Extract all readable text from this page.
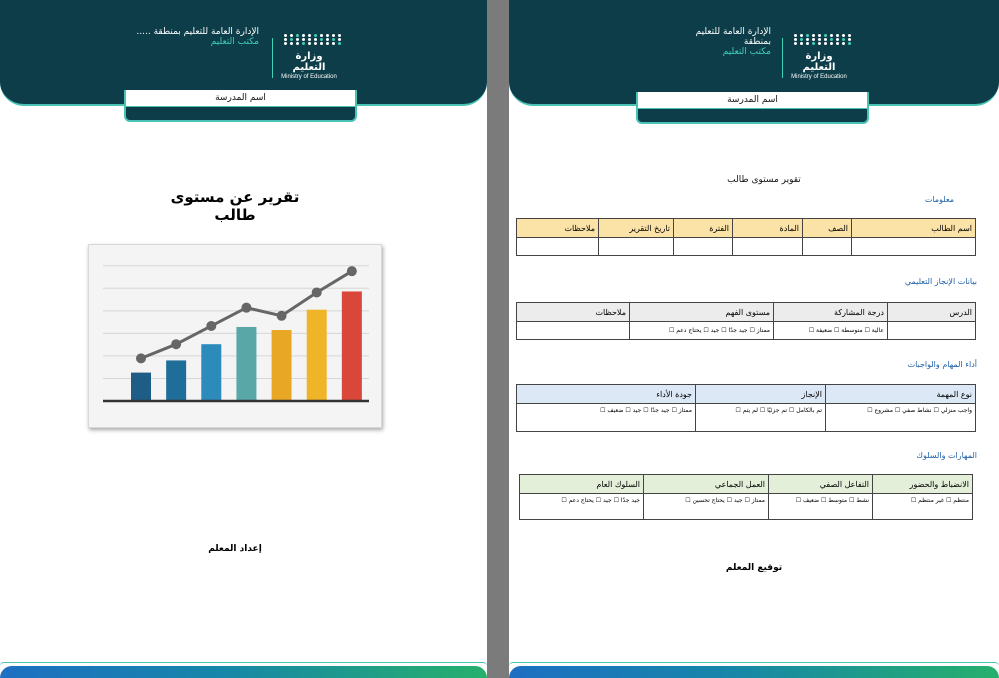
الإدارة العامة للتعليم بمنطقة .....
مكتب التعليم
وزارة التعليم
Ministry of Education
اسم المدرسة
تقرير عن مستوى طالب
إعداد المعلم
الإدارة العامة للتعليم
بمنطقة
مكتب التعليم	وزارة التعليم
Ministry of Education
اسم المدرسة
تقوير مستوى طالب
معلومات
اسم الطالب	الصف	المادة	الفترة	تاريخ التقرير	ملاحظات

بيانات الإنجاز التعليمي
الدرس	درجة المشاركة	مستوى الفهم	ملاحظات
	عالية ☐ متوسطة ☐ ضعيفة ☐	ممتاز ☐ جيد جدًا ☐ جيد ☐ يحتاج دعم ☐	
أداء المهام والواجبات
نوع المهمة	الإنجاز	جودة الأداء
واجب منزلي ☐ نشاط صفي ☐ مشروع ☐	تم بالكامل ☐ تم جزئيًا ☐ لم يتم ☐	ممتاز ☐ جيد جدًا ☐ جيد ☐ ضعيف ☐
المهارات والسلوك
الانضباط والحضور	التفاعل الصفي	العمل الجماعي	السلوك العام
منتظم ☐ غير منتظم ☐	نشط ☐ متوسط ☐ ضعيف ☐	ممتاز ☐ جيد ☐ يحتاج تحسين ☐	جيد جدًا ☐ جيد ☐ يحتاج دعم ☐
توقيع المعلم
